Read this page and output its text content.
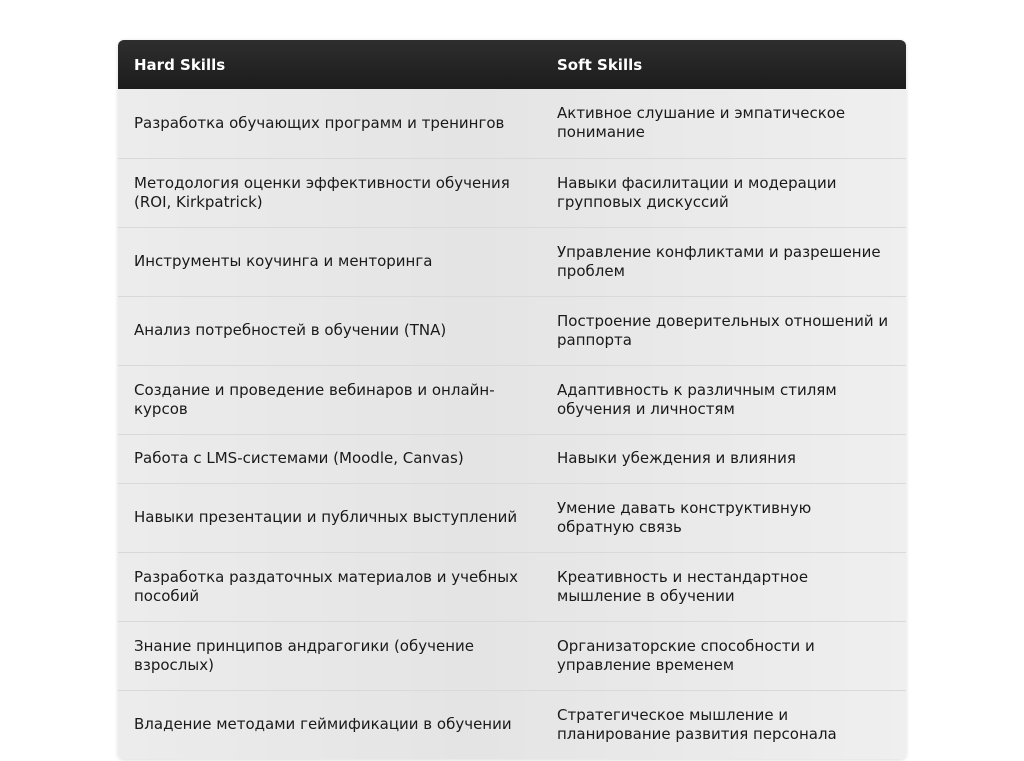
Hard Skills	Soft Skills
Разработка обучающих программ и тренингов	Активное слушание и эмпатическое понимание
Методология оценки эффективности обучения (ROI, Kirkpatrick)	Навыки фасилитации и модерации групповых дискуссий
Инструменты коучинга и менторинга	Управление конфликтами и разрешение проблем
Анализ потребностей в обучении (TNA)	Построение доверительных отношений и раппорта
Создание и проведение вебинаров и онлайн-курсов	Адаптивность к различным стилям обучения и личностям
Работа с LMS-системами (Moodle, Canvas)	Навыки убеждения и влияния
Навыки презентации и публичных выступлений	Умение давать конструктивную обратную связь
Разработка раздаточных материалов и учебных пособий	Креативность и нестандартное мышление в обучении
Знание принципов андрагогики (обучение взрослых)	Организаторские способности и управление временем
Владение методами геймификации в обучении	Стратегическое мышление и планирование развития персонала
